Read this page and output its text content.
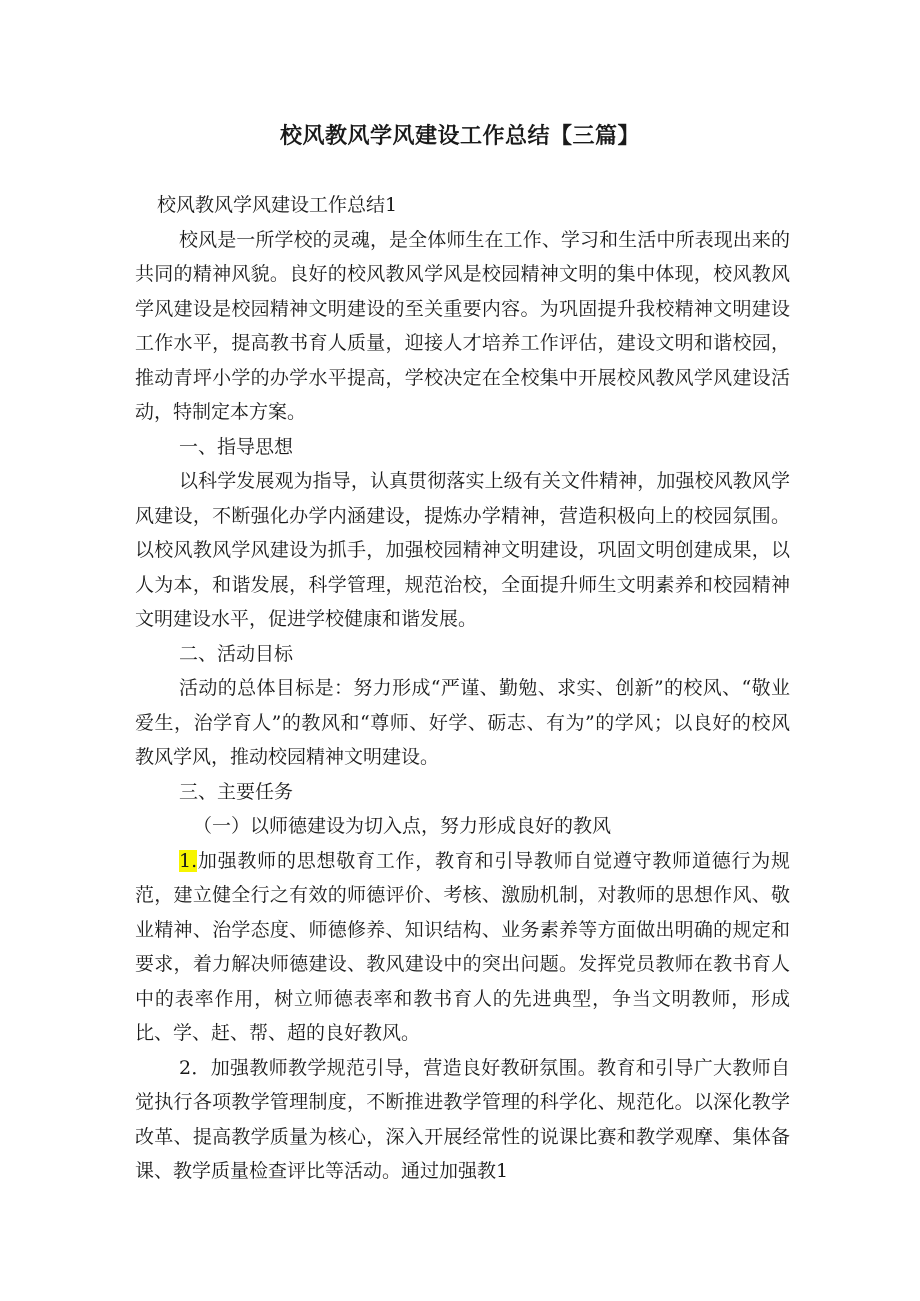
校风教风学风建设工作总结【三篇】

校风教风学风建设工作总结1

校风是一所学校的灵魂，是全体师生在工作、学习和生活中所表现出来的共同的精神风貌。良好的校风教风学风是校园精神文明的集中体现，校风教风学风建设是校园精神文明建设的至关重要内容。为巩固提升我校精神文明建设工作水平，提高教书育人质量，迎接人才培养工作评估，建设文明和谐校园，推动青坪小学的办学水平提高，学校决定在全校集中开展校风教风学风建设活动，特制定本方案。

一、指导思想

以科学发展观为指导，认真贯彻落实上级有关文件精神，加强校风教风学风建设，不断强化办学内涵建设，提炼办学精神，营造积极向上的校园氛围。以校风教风学风建设为抓手，加强校园精神文明建设，巩固文明创建成果，以人为本，和谐发展，科学管理，规范治校，全面提升师生文明素养和校园精神文明建设水平，促进学校健康和谐发展。

二、活动目标

活动的总体目标是：努力形成“严谨、勤勉、求实、创新”的校风、“敬业爱生，治学育人”的教风和“尊师、好学、砺志、有为”的学风；以良好的校风教风学风，推动校园精神文明建设。

三、主要任务

（一）以师德建设为切入点，努力形成良好的教风

1.加强教师的思想敬育工作，教育和引导教师自觉遵守教师道德行为规范，建立健全行之有效的师德评价、考核、激励机制，对教师的思想作风、敬业精神、治学态度、师德修养、知识结构、业务素养等方面做出明确的规定和要求，着力解决师德建设、教风建设中的突出问题。发挥党员教师在教书育人中的表率作用，树立师德表率和教书育人的先进典型，争当文明教师，形成比、学、赶、帮、超的良好教风。

2．加强教师教学规范引导，营造良好教研氛围。教育和引导广大教师自觉执行各项教学管理制度，不断推进教学管理的科学化、规范化。以深化教学改革、提高教学质量为核心，深入开展经常性的说课比赛和教学观摩、集体备课、教学质量检查评比等活动。通过加强教1
